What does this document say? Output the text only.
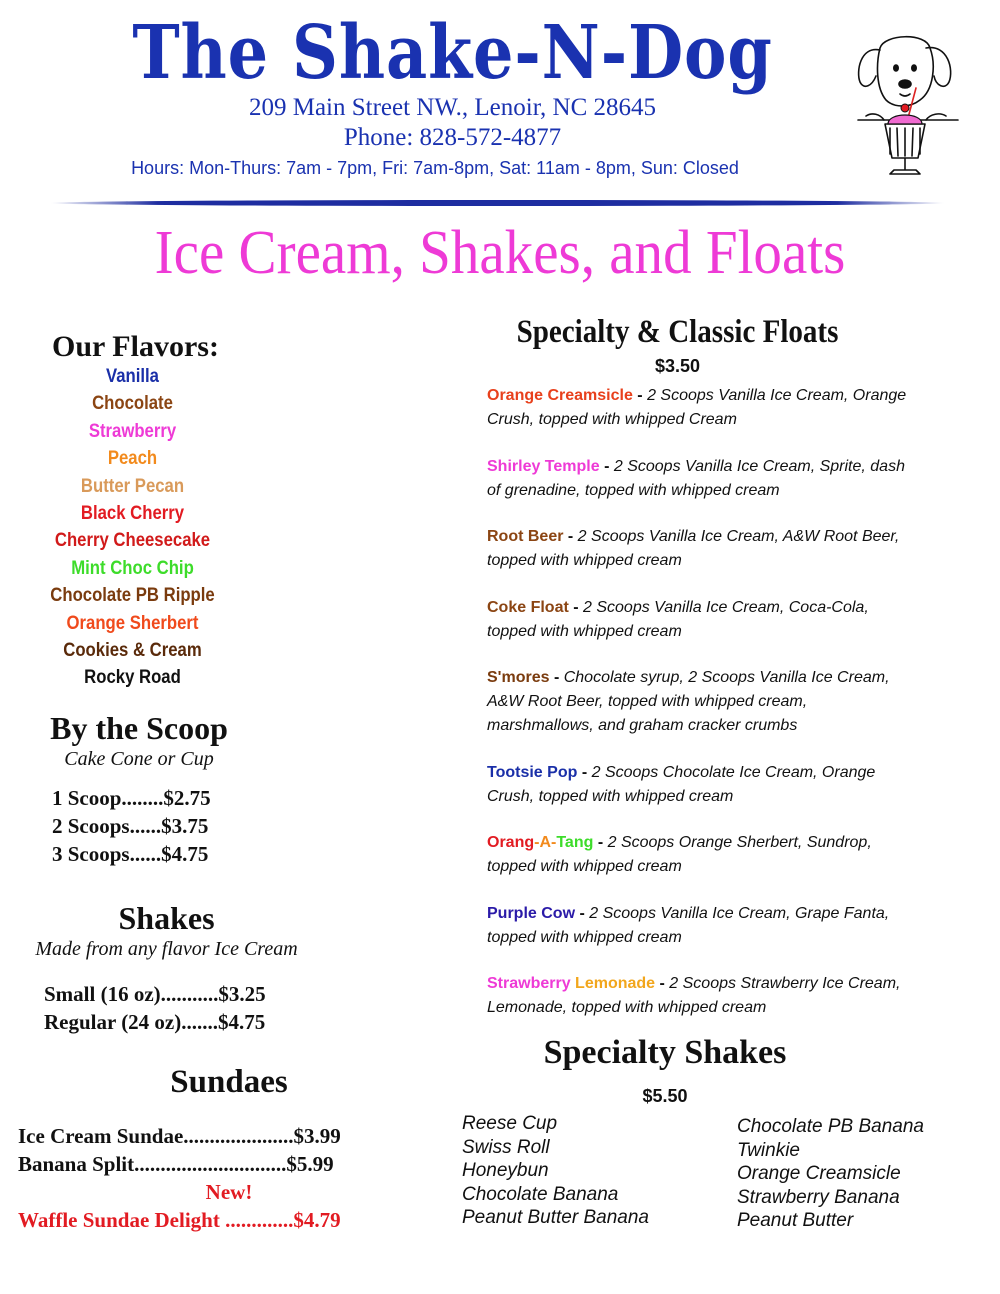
The Shake-N-Dog
209 Main Street NW., Lenoir, NC 28645
Phone: 828-572-4877
Hours: Mon-Thurs: 7am - 7pm, Fri: 7am-8pm, Sat: 11am - 8pm, Sun: Closed
Ice Cream, Shakes, and Floats
Our Flavors:
Vanilla
Chocolate
Strawberry
Peach
Butter Pecan
Black Cherry
Cherry Cheesecake
Mint Choc Chip
Chocolate PB Ripple
Orange Sherbert
Cookies & Cream
Rocky Road
By the Scoop
Cake Cone or Cup
1 Scoop........$2.75
2 Scoops......$3.75
3 Scoops......$4.75
Shakes
Made from any flavor Ice Cream
Small (16 oz)...........$3.25
Regular (24 oz).......$4.75
Sundaes
Ice Cream Sundae.....................$3.99
Banana Split.............................$5.99
New!
Waffle Sundae Delight .............$4.79
Specialty & Classic Floats
$3.50
Orange Creamsicle - 2 Scoops Vanilla Ice Cream, Orange Crush, topped with whipped Cream
Shirley Temple - 2 Scoops Vanilla Ice Cream, Sprite, dash of grenadine, topped with whipped cream
Root Beer - 2 Scoops Vanilla Ice Cream, A&W Root Beer, topped with whipped cream
Coke Float - 2 Scoops Vanilla Ice Cream, Coca-Cola, topped with whipped cream
S'mores - Chocolate syrup, 2 Scoops Vanilla Ice Cream, A&W Root Beer, topped with whipped cream, marshmallows, and graham cracker crumbs
Tootsie Pop - 2 Scoops Chocolate Ice Cream, Orange Crush, topped with whipped cream
Orang-A-Tang - 2 Scoops Orange Sherbert, Sundrop, topped with whipped cream
Purple Cow - 2 Scoops Vanilla Ice Cream, Grape Fanta, topped with whipped cream
Strawberry Lemonade - 2 Scoops Strawberry Ice Cream, Lemonade, topped with whipped cream
Specialty Shakes
$5.50
Reese Cup
Swiss Roll
Honeybun
Chocolate Banana
Peanut Butter Banana
Chocolate PB Banana
Twinkie
Orange Creamsicle
Strawberry Banana
Peanut Butter
